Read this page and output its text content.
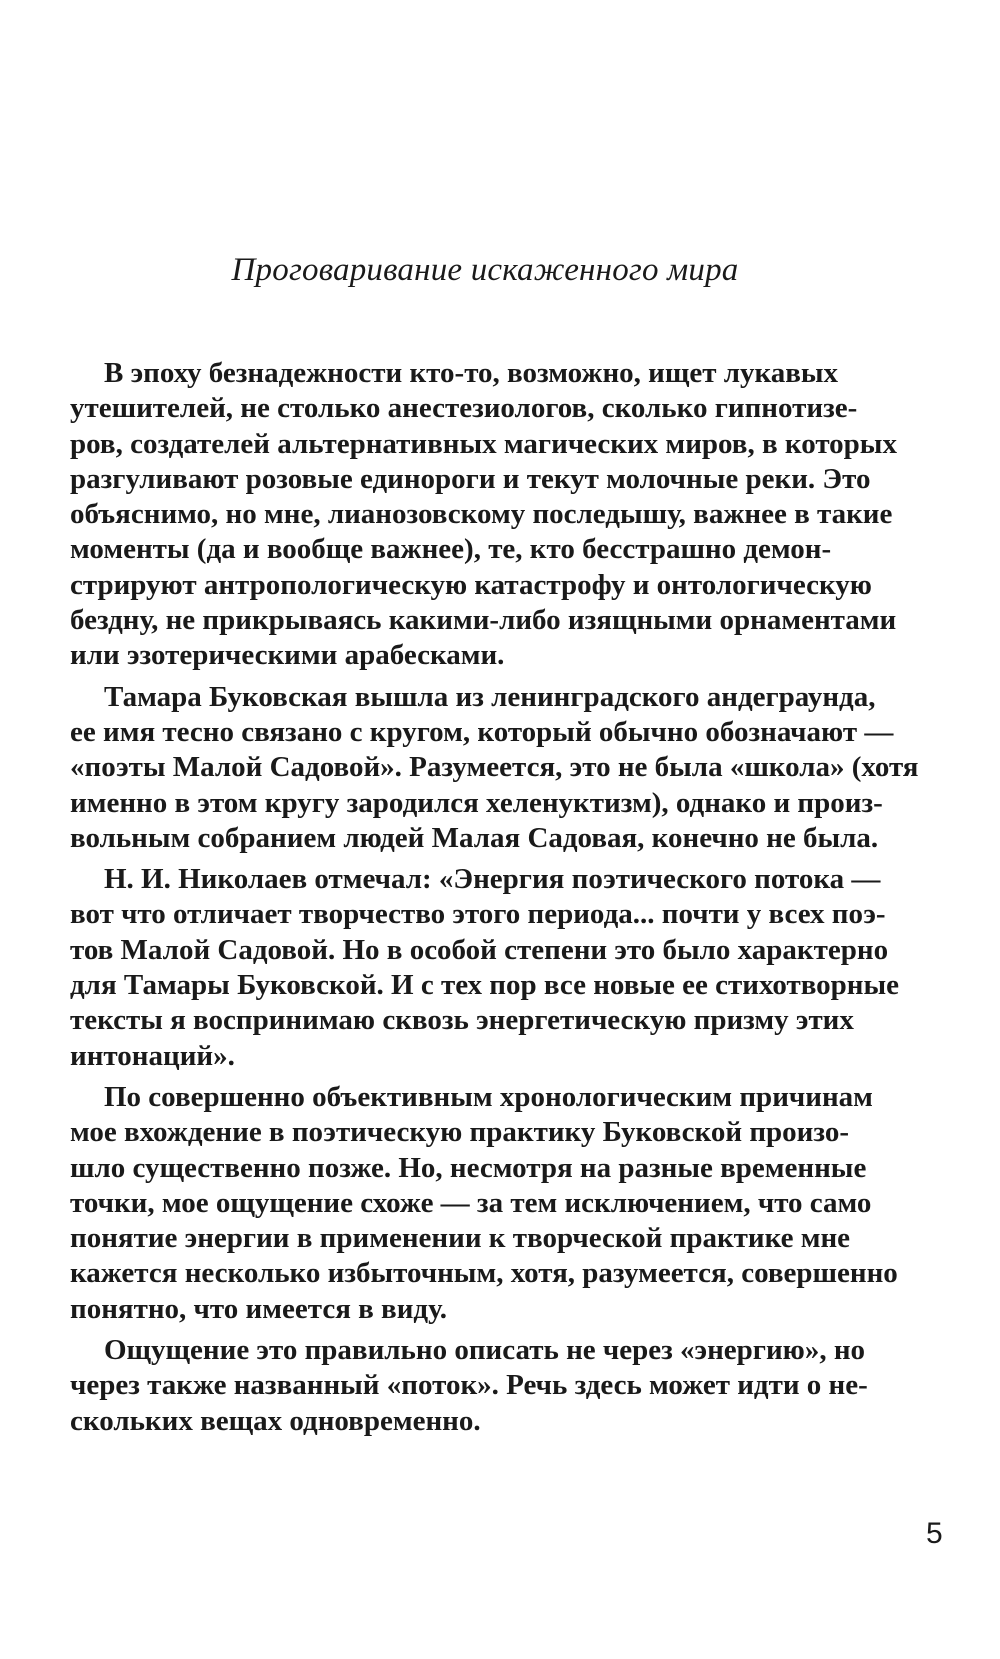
Проговаривание искаженного мира
В эпоху безнадежности кто-то, возможно, ищет лукавых
утешителей, не столько анестезиологов, сколько гипнотизе-
ров, создателей альтернативных магических миров, в которых
разгуливают розовые единороги и текут молочные реки. Это
объяснимо, но мне, лианозовскому последышу, важнее в такие
моменты (да и вообще важнее), те, кто бесстрашно демон-
стрируют антропологическую катастрофу и онтологическую
бездну, не прикрываясь какими-либо изящными орнаментами
или эзотерическими арабесками.
Тамара Буковская вышла из ленинградского андеграунда,
ее имя тесно связано с кругом, который обычно обозначают —
«поэты Малой Садовой». Разумеется, это не была «школа» (хотя
именно в этом кругу зародился хеленуктизм), однако и произ-
вольным собранием людей Малая Садовая, конечно не была.
Н. И. Николаев отмечал: «Энергия поэтического потока —
вот что отличает творчество этого периода... почти у всех поэ-
тов Малой Садовой. Но в особой степени это было характерно
для Тамары Буковской. И с тех пор все новые ее стихотворные
тексты я воспринимаю сквозь энергетическую призму этих
интонаций».
По совершенно объективным хронологическим причинам
мое вхождение в поэтическую практику Буковской произо-
шло существенно позже. Но, несмотря на разные временные
точки, мое ощущение схоже — за тем исключением, что само
понятие энергии в применении к творческой практике мне
кажется несколько избыточным, хотя, разумеется, совершенно
понятно, что имеется в виду.
Ощущение это правильно описать не через «энергию», но
через также названный «поток». Речь здесь может идти о не-
скольких вещах одновременно.
5
